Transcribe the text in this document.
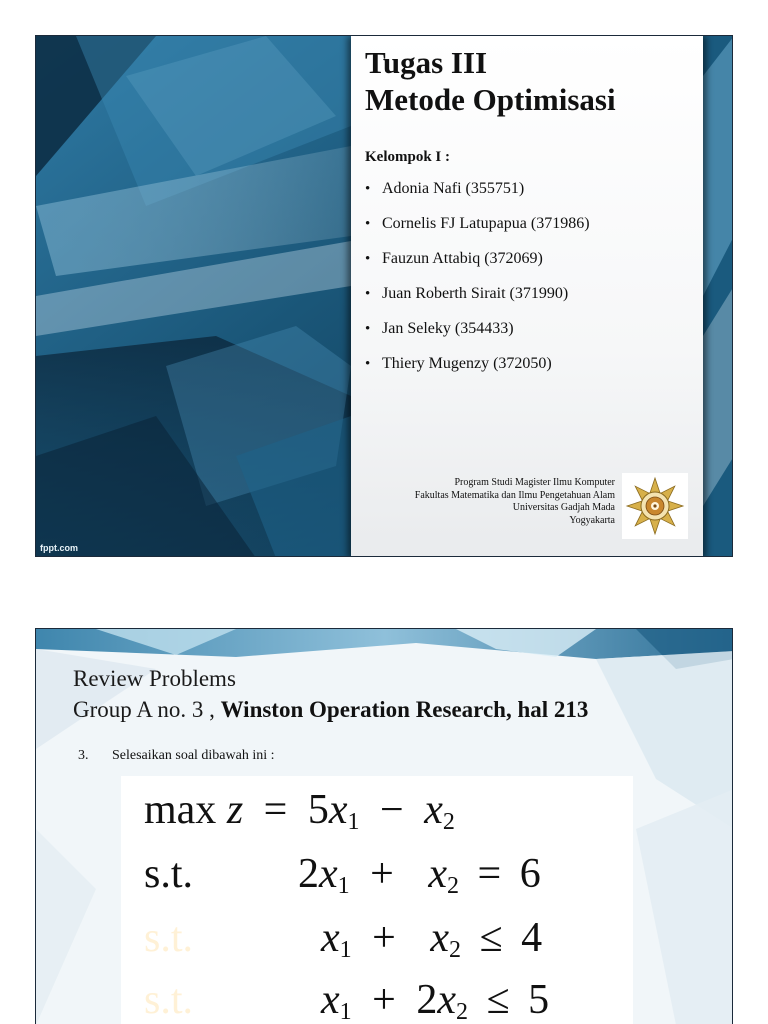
fppt.com
Tugas III
Metode Optimisasi
Kelompok I :
• Adonia Nafi (355751)
• Cornelis FJ Latupapua (371986)
• Fauzun Attabiq (372069)
• Juan Roberth Sirait (371990)
• Jan Seleky (354433)
• Thiery Mugenzy (372050)
Program Studi Magister Ilmu Komputer
Fakultas Matematika dan Ilmu Pengetahuan Alam
Universitas Gadjah Mada
Yogyakarta
Review Problems
Group A no. 3 , Winston Operation Research, hal 213
3. Selesaikan soal dibawah ini :
$\max z = 5x_1 - x_2$
s.t. $2x_1 + x_2 = 6$
s.t.	$x_1 + x_2 \le 4$
s.t.	$x_1 + 2x_2 \le 5$
